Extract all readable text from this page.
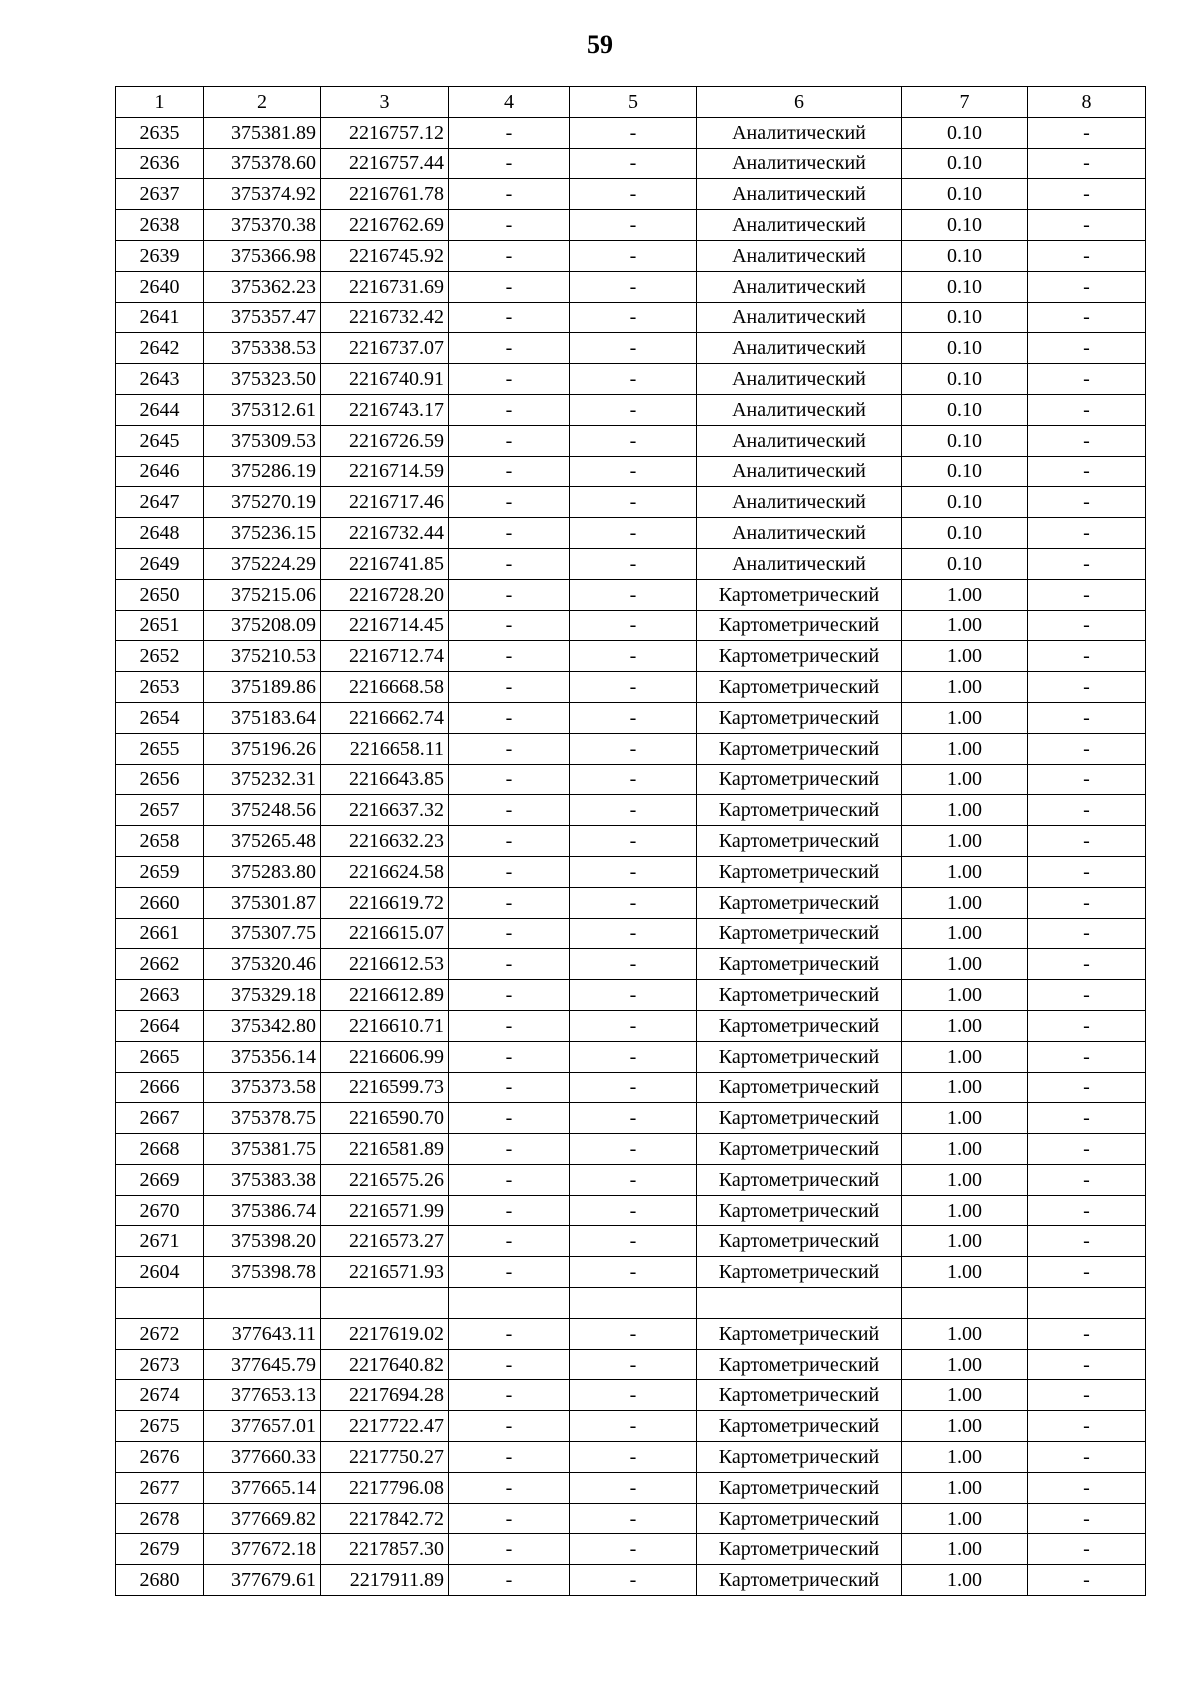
59
1	2	3	4	5	6	7	8
2635	375381.89	2216757.12	-	-	Аналитический	0.10	-
2636	375378.60	2216757.44	-	-	Аналитический	0.10	-
2637	375374.92	2216761.78	-	-	Аналитический	0.10	-
2638	375370.38	2216762.69	-	-	Аналитический	0.10	-
2639	375366.98	2216745.92	-	-	Аналитический	0.10	-
2640	375362.23	2216731.69	-	-	Аналитический	0.10	-
2641	375357.47	2216732.42	-	-	Аналитический	0.10	-
2642	375338.53	2216737.07	-	-	Аналитический	0.10	-
2643	375323.50	2216740.91	-	-	Аналитический	0.10	-
2644	375312.61	2216743.17	-	-	Аналитический	0.10	-
2645	375309.53	2216726.59	-	-	Аналитический	0.10	-
2646	375286.19	2216714.59	-	-	Аналитический	0.10	-
2647	375270.19	2216717.46	-	-	Аналитический	0.10	-
2648	375236.15	2216732.44	-	-	Аналитический	0.10	-
2649	375224.29	2216741.85	-	-	Аналитический	0.10	-
2650	375215.06	2216728.20	-	-	Картометрический	1.00	-
2651	375208.09	2216714.45	-	-	Картометрический	1.00	-
2652	375210.53	2216712.74	-	-	Картометрический	1.00	-
2653	375189.86	2216668.58	-	-	Картометрический	1.00	-
2654	375183.64	2216662.74	-	-	Картометрический	1.00	-
2655	375196.26	2216658.11	-	-	Картометрический	1.00	-
2656	375232.31	2216643.85	-	-	Картометрический	1.00	-
2657	375248.56	2216637.32	-	-	Картометрический	1.00	-
2658	375265.48	2216632.23	-	-	Картометрический	1.00	-
2659	375283.80	2216624.58	-	-	Картометрический	1.00	-
2660	375301.87	2216619.72	-	-	Картометрический	1.00	-
2661	375307.75	2216615.07	-	-	Картометрический	1.00	-
2662	375320.46	2216612.53	-	-	Картометрический	1.00	-
2663	375329.18	2216612.89	-	-	Картометрический	1.00	-
2664	375342.80	2216610.71	-	-	Картометрический	1.00	-
2665	375356.14	2216606.99	-	-	Картометрический	1.00	-
2666	375373.58	2216599.73	-	-	Картометрический	1.00	-
2667	375378.75	2216590.70	-	-	Картометрический	1.00	-
2668	375381.75	2216581.89	-	-	Картометрический	1.00	-
2669	375383.38	2216575.26	-	-	Картометрический	1.00	-
2670	375386.74	2216571.99	-	-	Картометрический	1.00	-
2671	375398.20	2216573.27	-	-	Картометрический	1.00	-
2604	375398.78	2216571.93	-	-	Картометрический	1.00	-

2672	377643.11	2217619.02	-	-	Картометрический	1.00	-
2673	377645.79	2217640.82	-	-	Картометрический	1.00	-
2674	377653.13	2217694.28	-	-	Картометрический	1.00	-
2675	377657.01	2217722.47	-	-	Картометрический	1.00	-
2676	377660.33	2217750.27	-	-	Картометрический	1.00	-
2677	377665.14	2217796.08	-	-	Картометрический	1.00	-
2678	377669.82	2217842.72	-	-	Картометрический	1.00	-
2679	377672.18	2217857.30	-	-	Картометрический	1.00	-
2680	377679.61	2217911.89	-	-	Картометрический	1.00	-
